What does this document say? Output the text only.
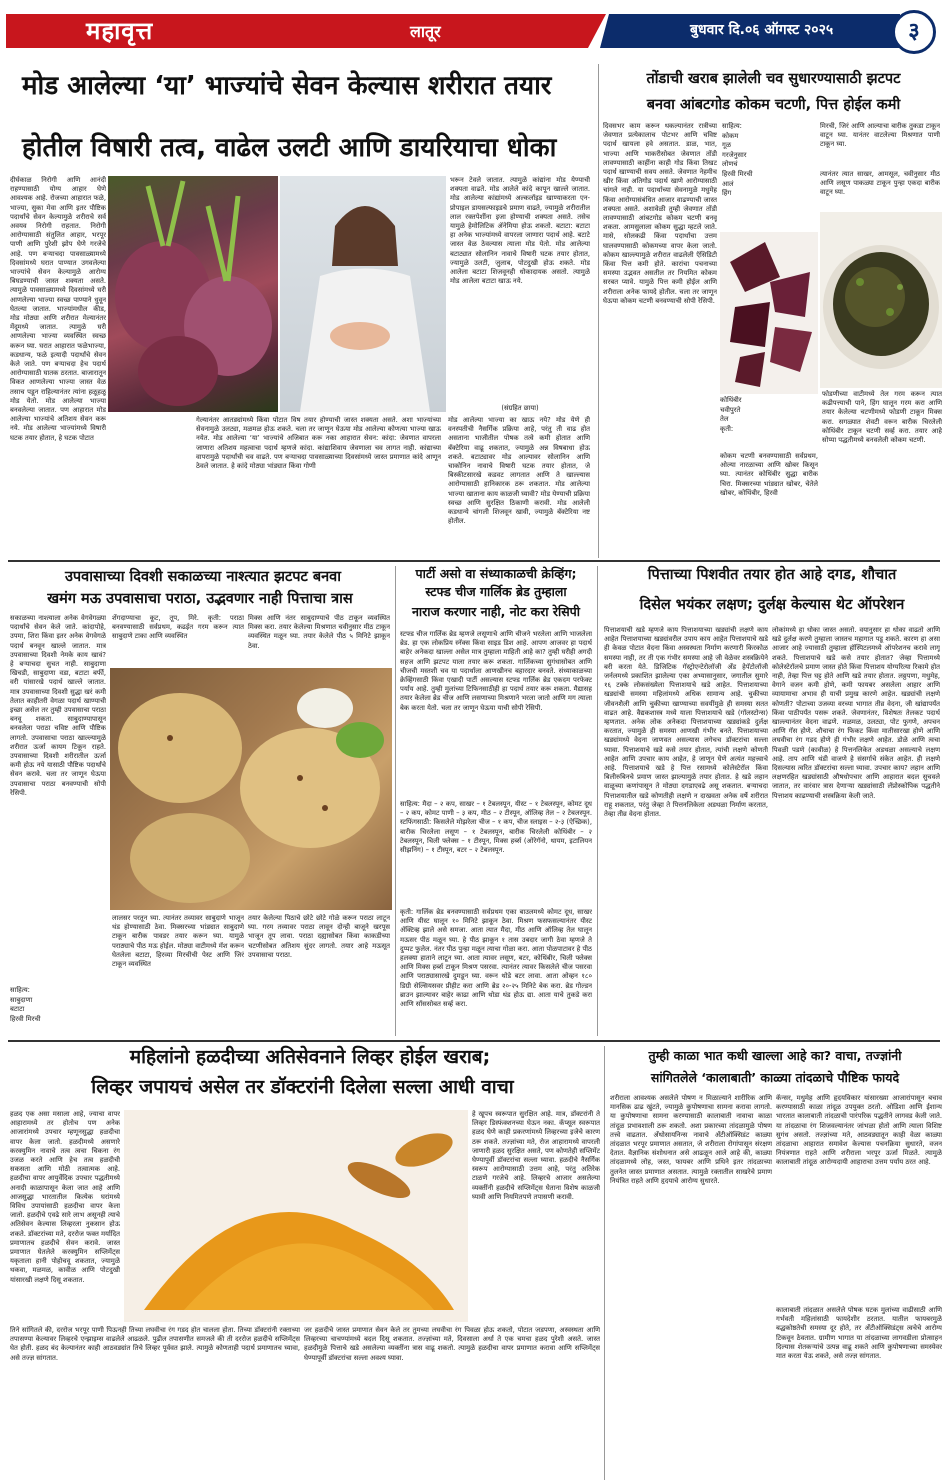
महावृत्त	लातूर	बुधवार दि.०६ ऑगस्ट २०२५	३
मोड आलेल्या ‘या’ भाज्यांचे सेवन केल्यास शरीरात तयार
होतील विषारी तत्व, वाढेल उलटी आणि डायरियाचा धोका
दीर्घकाळ निरोगी आणि आनंदी राहण्यासाठी योग्य आहार घेणे आवश्यक आहे. रोजच्या आहारात फळे, भाज्या, सुका मेवा आणि इतर पौष्टिक पदार्थांचे सेवन केल्यामुळे शरीराचे सर्व अवयव निरोगी राहतात. निरोगी आरोग्यासाठी संतुलित आहार, भरपूर पाणी आणि पुरेशी झोप घेणे गरजेचे आहे. पण बऱ्याचदा पावसाळ्यामध्ये दिवसांमध्ये घरात पाण्यात उगवलेल्या भाज्यांचे सेवन केल्यामुळे आरोग्य बिघडण्याची जास्त शक्यता असते. त्यामुळे पावसाळ्यामध्ये दिवसांमध्ये घरी आणलेल्या भाज्या स्वच्छ पाण्याने धुवून घेतल्या जातात. भाज्यांमधील कीड, मोड मोठ्या आणि शरीरात मेल्यानंतर मेंदूमध्ये जातात. त्यामुळे घरी आणलेल्या भाज्या व्यवस्थित स्वच्छ करून घ्या. घरात आहारात फळेभाज्या, कडधान्य, फळे इत्यादी पदार्थांचे सेवन केले जाते. पण बऱ्याचदा हेच पदार्थ आरोग्यासाठी घातक ठरतात. बाजारातून विकत आणलेल्या भाज्या जास्त वेळ तसाच पडून राहिल्यानंतर त्यांना हळूहळू मोड येतो. मोड आलेल्या भाज्या बनवलेल्या जातात. पण आहारात मोड आलेल्या भाज्यांचे अतिशय सेवन करू नये. मोड आलेल्या भाज्यांमध्ये विषारी घटक तयार होतात, हे घटक पोटात
भरून टेवले जातात. त्यामुळे कांद्यांना मोड येण्याची शक्यता वाढते. मोड आलेले कांदे कापून खाल्ले जातात. मोड आलेल्या कांद्यांमध्ये अल्कलॉइड खाण्याकरता एन-प्रोपाइल डायसल्फाइडचे प्रमाण वाढते, ज्यामुळे शरीरातील लाल रक्तपेशींना इजा होण्याची शक्यता असते. तसेच यामुळे हेमोलिटिक ॲनेमिया होऊ शकतो. बटाटा: बटाटा हा अनेक भाज्यांमध्ये वापरला जाणारा पदार्थ आहे. बटाटे जास्त वेळ ठेवल्यास त्याला मोड येतो. मोड आलेल्या बटाट्यात सोलानिन नावाचे विषारी घटक तयार होतात, ज्यामुळे उलटी, जुलाब, पोटदुखी होऊ शकते. मोड आलेला बटाटा शिजवूनही धोकादायक असतो. त्यामुळे मोड आलेला बटाटा खाऊ नये.
(संग्रहित छाया)
गेल्यानंतर आतड्यांमध्ये किंवा पोटात विष तयार होण्याची जास्त शक्यता असते. अशा भाज्यांच्या सेवनामुळे उलट्या, मळमळ होऊ शकते. चला तर जाणून घेऊया मोड आलेल्या कोणत्या भाज्या खाऊ नयेत. मोड आलेल्या ‘या’ भाज्यांचे अजिबात करू नका आहारात सेवन: कांदा: जेवणात वापरला जाणारा अतिशय महत्वाचा पदार्थ म्हणजे कांदा. कांद्याशिवाय जेवणाला चव लागत नाही. कांद्याच्या वापरामुळे पदार्थांची चव वाढते. पण बऱ्याचदा पावसाळ्याच्या दिवसांमध्ये जास्त प्रमाणात कांदे आणून ठेवले जातात. हे कांदे मोठ्या भांड्यात किंवा गोणी
मोड आलेल्या भाज्या का खाऊ नये? मोड येणे ही वनस्पतीची नैसर्गिक प्रक्रिया आहे, परंतु ती वाढ होत असताना भाजीतील पोषक तत्वे कमी होतात आणि बॅक्टेरिया वाढू शकतात, ज्यामुळे अन्न विषबाधा होऊ शकते. बटाट्यावर मोड आल्यावर सोलानिन आणि चाकोनिन नावाचे विषारी घटक तयार होतात, जे बिस्कीटसारखे कडवट लागतात आणि ते खाल्ल्यास आरोग्यासाठी हानिकारक ठरू शकतात. मोड आलेल्या भाज्या खाताना काय काळजी घ्यावी? मोड येण्याची प्रक्रिया स्वच्छ आणि सुरक्षित ठिकाणी करावी. मोड आलेली कडधान्ये चांगली शिजवून खावी, ज्यामुळे बॅक्टेरिया नष्ट होतील.
तोंडाची खराब झालेली चव सुधारण्यासाठी झटपट
बनवा आंबटगोड कोकम चटणी, पित्त होईल कमी
दिवसभर काम करून थकल्यानंतर रात्रीच्या जेवणात प्रत्येकालाच पोटभर आणि चविष्ट पदार्थ खायला हवे असतात. डाळ, भात, भाज्या आणि भाकरीसोबत जेवणात तोंडी लावण्यासाठी काहींना काही गोड किंवा तिखट पदार्थ खाण्याची सवय असते. जेवणात नेहमीच खीर किंवा अतिगोड पदार्थ खाणे आरोग्यासाठी चांगले नाही. या पदार्थाच्या सेवनामुळे मधुमेह किंवा आरोग्यासंबंधित आजार वाढण्याची जास्त शक्यता असते. अशावेळी तुम्ही जेवणात तोंडी लावण्यासाठी आंबटगोड कोकम चटणी बनवू शकता. आमसुलाला कोकम सुद्धा म्हटले जाते. मासे, सोलकढी किंवा पदार्थांचा उत्तम घालवण्यासाठी कोकमच्या वापर केला जातो. कोकम खाल्ल्यामुळे शरीरात वाढलेली ऍसिडिटी किंवा पित्त कमी होते. कारांचा पचनाच्या समस्या उद्भवत असतील तर नियमित कोकम सरबत प्यावे. यामुळे पित्त कमी होईल आणि शरीराला अनेक फायदे होतील. चला तर जाणून घेऊया कोकम चटणी बनवण्याची सोपी रेसिपी.
साहित्य:
कोकम
गूळ
गरजेनुसार
लोणचं
हिरवी मिरची
आलं
हिंग
मिरची, जिरं आणि आल्याचा बारीक तुकडा टाकून वाटून घ्या. यानंतर वाटलेल्या मिश्रणात पाणी टाकून घ्या.
त्यानंतर त्यात साखर, आमसूल, चवीनुसार मीठ आणि लसूण पाकळ्या टाकून पुन्हा एकदा बारीक वाटून घ्या.
कोथिंबीर
चवीपुरते
तेल
कृती:
कोकम चटणी बनवण्यासाठी सर्वप्रथम, ओल्या नारळाच्या आणि खोबर किसून घ्या. त्यानंतर कोथिंबीर सुद्धा बारीक चिरा. मिक्सरच्या भांड्यात खोबर, चेतेले खोबर, कोथिंबीर, हिरवी
फोडणीच्या वाटीमध्ये तेल गरम करून त्यात कढीपत्त्याची पाने, हिंग घालून गरम करा आणि तयार केलेल्या चटणीमध्ये फोडणी टाकून मिक्स करा. सगळ्यात शेवटी वरून बारीक चिरलेली कोथिंबीर टाकून चटणी सर्व्ह करा. तयार आहे सोप्या पद्धतीमध्ये बनवलेली कोकम चटणी.
उपवासाच्या दिवशी सकाळच्या नाश्त्यात झटपट बनवा
खमंग मऊ उपवासाचा पराठा, उद्भवणार नाही पित्ताचा त्रास
सकाळच्या नाश्त्याला अनेक वेगवेगळ्या पदार्थांचे सेवन केले जाते. कांदापोहे, उपमा, शिरा किंवा इतर अनेक वेगवेगळे पदार्थ बनवून खाल्ले जातात. मात्र उपवासाच्या दिवशी नेमके काय खावं? हे बऱ्याचदा सुचत नाही. साबुदाणा खिचडी, साबुदाणा वडा, बटाटा बर्फी, वरी यांसारखे पदार्थ खाल्ले जातात. मात्र उपवासाच्या दिवशी सुद्धा खरं कमी तेलात काहीतरी वेगळा पदार्थ खाण्याची इच्छा असेल तर तुम्ही उपवासाचा पराठा बनवू शकता. साबुदाण्यापासून बनवलेला पराठा चविष्ट आणि पौष्टिक लागतो. उपवासाचा पराठा खाल्ल्यामुळे शरीरात ऊर्जा कायम टिकून राहते. उपवासाच्या दिवशी शरीरातील ऊर्जा कमी होऊ नये यासाठी पौष्टिक पदार्थांचे सेवन करावे. चला तर जाणून घेऊया उपवासाचा पराठा बनवण्याची सोपी रेसिपी.
शेंगदाण्याचा कूट, तूप, मिरे. कृती: पराठा बनवण्यासाठी सर्वप्रथम, कढईत गरम करून त्यात साबुदाणे टाका आणि व्यवस्थित
मिक्स आणि नंतर साबुदाण्याचे पीठ टाकून व्यवस्थित मिक्स करा. तयार केलेल्या मिश्रणात चवीनुसार मीठ टाकून व्यवस्थित मळून घ्या. तयार केलेले पीठ ५ मिनिटे झाकून ठेवा.
साहित्य:
साबुदाणा
बटाटा
हिरवी मिरची
लालसर परतून घ्या. त्यानंतर तव्यावर साबुदाणे भाजून थंड होण्यासाठी ठेवा. मिक्सरच्या भांड्यात साबुदाणे टाकून बारीक पावडर तयार करून घ्या. यामुळे पराठ्याचे पीठ मऊ होईल. मोठ्या वाटीमध्ये मॅश करून घेतलेला बटाटा, हिरव्या मिरचीची पेस्ट आणि जिरं टाकून व्यवस्थित
तयार केलेल्या पिठाचे छोटे छोटे गोळे करून पराठा लाटून घ्या. गरम तव्यावर पराठा लावून दोन्ही बाजूने खरपूस भाजून तूप लावा. पराठा दह्यासोबत किंवा काकडीच्या चटणीसोबत अतिशय सुंदर लागतो. तयार आहे मऊसूत उपवासाचा पराठा.
पार्टी असो वा संध्याकाळची क्रेव्हिंग;
स्टफ्ड चीज गार्लिक ब्रेड तुम्हाला
नाराज करणार नाही, नोट करा रेसिपी
स्टफ्ड चीज गार्लिक ब्रेड म्हणजे लसूणाचे आणि चीजने भरलेला आणि भाजलेला ब्रेड. हा एक लोकप्रिय स्नॅक्स किंवा साइड डिश आहे. आपण आजवर हा पदार्थ बाहेर अनेकदा खाल्ला असेल मात्र तुम्हाला माहिती आहे का? तुम्ही घरीही अगदी सहज आणि झटपट याला तयार करू शकता. गार्लिकच्या सुगंधासोबत आणि चीजची मस्तशी चव या पदार्थाला आणखीनच बहारदार बनवते. संध्याकाळच्या क्रेव्हिंगसाठी किंवा एखादी पार्टी असल्यास स्टफ्ड गार्लिक ब्रेड एकदम परफेक्ट पर्याय आहे. तुम्ही मुलांच्या टिफिनसाठीही हा पदार्थ तयार करू शकता. मैद्यासह तयार केलेला ब्रेड चीज आणि लसणाच्या मिश्रणाने भरला जातो आणि मग त्याला बेक करता येतो. चला तर जाणून घेऊया याची सोपी रेसिपी.
साहित्य: मैदा – २ कप, साखर – १ टेबलस्पून, यीस्ट – १ टेबलस्पून, कोमट दूध – २ कप, कोमट पाणी – ३ कप, मीठ – २ टीस्पून, ऑलिव्ह तेल – २ टेबलस्पून. स्टफिंगसाठी: किसलेले मोझरेला चीज – १ कप, चीज स्लाइस – २-३ (ऐच्छिक), बारीक चिरलेला लसूण – १ टेबलस्पून, बारीक चिरलेली कोथिंबीर – २ टेबलस्पून, चिली फ्लेक्स – १ टीस्पून, मिक्स हर्ब्स (ओरेगॅनो, थायम, इटालियन सीझनिंग) – १ टीस्पून, बटर – २ टेबलस्पून.
कृती: गार्लिक ब्रेड बनवण्यासाठी सर्वप्रथम एका बाउलमध्ये कोमट दूध, साखर आणि यीस्ट घालून १० मिनिटे झाकून ठेवा. मिश्रण फसफसल्यानंतर यीस्ट ॲक्टिव्ह झाले असे समजा. आता त्यात मैदा, मीठ आणि ऑलिव्ह तेल घालून मऊसर पीठ मळून घ्या. हे पीठ झाकून १ तास उबदार जागी ठेवा म्हणजे ते दुप्पट फुलेल. नंतर पीठ पुन्हा मळून त्याचा गोळा करा. आता पोळपाटावर हे पीठ हलक्या हाताने लाटून घ्या. आता त्यावर लसूण, बटर, कोथिंबीर, चिली फ्लेक्स आणि मिक्स हर्ब्स टाकून मिश्रण पसरवा. त्यानंतर त्यावर किसलेले चीज पसरवा आणि पराठ्यासारखे दुमडून घ्या. वरून थोडे बटर लावा. आता ओव्हन १८० डिग्री सेल्सियसवर प्रीहीट करा आणि ब्रेड २०-२५ मिनिटे बेक करा. ब्रेड गोल्डन ब्राउन झाल्यावर बाहेर काढा आणि थोडा थंड होऊ द्या. आता याचे तुकडे करा आणि सॉससोबत सर्व्ह करा.
पित्ताच्या पिशवीत तयार होत आहे दगड, शौचात
दिसेल भयंकर लक्षण; दुर्लक्ष केल्यास थेट ऑपरेशन
पित्ताशयाची खडे म्हणजे काय पित्ताशयाच्या खड्यांची लक्षणे काय आहेत पित्ताशयाच्या खड्यांवरील उपाय काय आहेत पित्ताशयाचे खडे ही केवळ पोटात वेदना किंवा अस्वस्थता निर्माण करणारी किरकोळ समस्या नाही, तर ती एक गंभीर समस्या आहे जी वेळेवर शस्त्रक्रियेने बरी करता येते. डिजिटिक गॅस्ट्रोएन्टेरोलॉजी अँड हेपॅटोलॉजी जर्नलमध्ये प्रकाशित झालेल्या एका अभ्यासानुसार, जगातील सुमारे १६ टक्के लोकसंख्येला पित्ताशयाचे खडे आहेत. पित्ताशयाच्या खड्यांची समस्या महिलांमध्ये अधिक सामान्य आहे. चुकीच्या जीवनशैली आणि चुकीच्या खाण्याच्या सवयींमुळे ही समस्या सतत वाढत आहे. वैद्यकशास्त्र मध्ये याला पित्ताशयाचे खडे (गॉलस्टोन्स) म्हणतात. अनेक लोक अनेकदा पित्ताशयाच्या खड्यांकडे दुर्लक्ष करतात, ज्यामुळे ही समस्या आणखी गंभीर बनते. पित्ताशयाच्या खड्यांमध्ये वेदना जाणवत असल्यास लगेचच डॉक्टरांचा सल्ला घ्यावा. पित्ताशयाचे खडे कसे तयार होतात, त्यांची लक्षणे कोणती आहेत आणि उपचार काय आहेत, हे जाणून घेणे अत्यंत महत्त्वाचे आहे. पित्ताशयाचे खडे हे पित्त रसामध्ये कोलेस्टेरॉल किंवा बिलीरुबिनचे प्रमाण जास्त झाल्यामुळे तयार होतात. हे खडे लहान वाळूच्या कणांपासून ते मोठ्या दगडाएवढे असू शकतात. बऱ्याचदा पित्ताशयातील खडे कोणतीही लक्षणे न दाखवता अनेक वर्षे शरीरात राहू शकतात, परंतु जेव्हा ते पित्तनलिकेला अडथळा निर्माण करतात, तेव्हा तीव्र वेदना होतात.
लोकांमध्ये हा धोका जास्त असतो. वयानुसार हा धोका वाढतो आणि खडे दुर्लक्ष करणे तुम्हाला जास्तच महागात पडू शकते. कारण हा असा आजार आहे ज्यासाठी तुम्हाला हॉस्पिटलमध्ये ऑपरेशनच करावे लागू शकते. पित्ताशयाचे खडे कसे तयार होतात? जेव्हा पित्तामध्ये कोलेस्टेरॉलचे प्रमाण जास्त होते किंवा पित्ताशय योग्यरित्या रिकामे होत नाही, तेव्हा पित्त घट्ट होते आणि खडे तयार होतात. लठ्ठपणा, मधुमेह, वेगाने वजन कमी होणे, कमी फायबर असलेला आहार आणि व्यायामाचा अभाव ही याची प्रमुख कारणे आहेत. खड्यांची लक्षणे कोणती? पोटाच्या उजव्या वरच्या भागात तीव्र वेदना, जी खांद्यापर्यंत किंवा पाठीपर्यंत पसरू शकते. जेवणानंतर, विशेषतः तेलकट पदार्थ खाल्ल्यानंतर वेदना वाढणे. मळमळ, उलट्या, पोट फुगणे, अपचन आणि गॅस होणे. शौचाचा रंग फिकट किंवा मातीसारखा होणे आणि लघवीचा रंग गडद होणे ही गंभीर लक्षणे आहेत. डोळे आणि त्वचा पिवळी पडणे (कावीळ) हे पित्तनलिकेत अडथळा असल्याचे लक्षण आहे. ताप आणि थंडी वाजणे हे संसर्गाचे संकेत आहेत. ही लक्षणे दिसल्यास त्वरित डॉक्टरांचा सल्ला घ्यावा. उपचार काय? लहान आणि लक्षणरहित खड्यांसाठी औषधोपचार आणि आहारात बदल सुचवले जातात, तर वारंवार त्रास देणाऱ्या खड्यांसाठी लॅप्रोस्कोपिक पद्धतीने पित्ताशय काढण्याची शस्त्रक्रिया केली जाते.
महिलांनो हळदीच्या अतिसेवनाने लिव्हर होईल खराब;
लिव्हर जपायचं असेल तर डॉक्टरांनी दिलेला सल्ला आधी वाचा
हळद एक असा मसाला आहे, ज्याचा वापर आहारामध्ये तर होतोच पण अनेक आजारांमध्ये उपचार म्हणूनसुद्धा हळदीचा वापर केला जातो. हळदीमध्ये असणारे करक्युमिन नावाचे तत्व त्वचा चिकना रंग उजळ करते आणि हेच तत्व हळदीची सकसता आणि मोठी तत्वात्मक आहे. हळदीचा वापर आयुर्वेदिक उपचार पद्धतीमध्ये अनादी काळापासून केला जात आहे आणि आजसुद्धा भारतातील कित्येक घरांमध्ये विविध उपायांसाठी हळदीचा वापर केला जातो. हळदीचे एवढे सारे लाभ असूनही त्याचे अतिसेवन केल्यास लिव्हरला नुकसान होऊ शकते. डॉक्टरांच्या मते, दररोज फक्त मर्यादित प्रमाणातच हळदीचे सेवन करावे. जास्त प्रमाणात घेतलेले करक्युमिन सप्लिमेंट्स यकृताला हानी पोहोचवू शकतात, ज्यामुळे थकवा, मळमळ, कावीळ आणि पोटदुखी यांसारखी लक्षणे दिसू शकतात.
हे खूपच स्वरूपात सुरक्षित आहे. मात्र, डॉक्टरांनी ते लिव्हर डिस्फंक्शनच्या घेऊन नका. कॅप्सूल स्वरूपात हळद घेणे काही प्रकरणांमध्ये लिव्हरच्या इजेचे कारण ठरू शकते. तज्ज्ञांच्या मते, रोज आहारामध्ये वापरली जाणारी हळद सुरक्षित असते, पण कोणतेही सप्लिमेंट घेण्यापूर्वी डॉक्टरांचा सल्ला घ्यावा. हळदीचे नैसर्गिक स्वरूप आरोग्यासाठी उत्तम आहे, परंतु अतिरेक टाळणे गरजेचे आहे. लिव्हरचे आजार असलेल्या व्यक्तींनी हळदीचे सप्लिमेंट्स घेताना विशेष काळजी घ्यावी आणि नियमितपणे तपासणी करावी.
तिने सांगितले की, दररोज भरपूर पाणी पिऊनही तिच्या लघवीचा रंग गडद होत चालला होता. तिच्या डॉक्टरांनी रक्ताच्या तपासण्या केल्यावर लिव्हरचे एन्झाइम्स वाढलेले आढळले. पुढील तपासणीत समजले की ती दररोज हळदीचे सप्लिमेंट्स घेत होती. हळद बंद केल्यानंतर काही आठवड्यांत तिचे लिव्हर पूर्ववत झाले. त्यामुळे कोणताही पदार्थ प्रमाणातच घ्यावा, असे तज्ज्ञ सांगतात.
जर हळदीचे जास्त प्रमाणात सेवन केले तर तुमच्या लघवीचा रंग पिवळा होऊ शकतो, पोटात जडपणा, अस्वस्थता आणि लिव्हरच्या चाचण्यांमध्ये बदल दिसू शकतात. तज्ज्ञांच्या मते, दिवसाला अर्धा ते एक चमचा हळद पुरेशी असते. जास्त हळदीमुळे पित्ताचे खडे असलेल्या व्यक्तींना त्रास वाढू शकतो. त्यामुळे हळदीचा वापर प्रमाणात करावा आणि सप्लिमेंट्स घेण्यापूर्वी डॉक्टरांचा सल्ला अवश्य घ्यावा.
तुम्ही काळा भात कधी खाल्ला आहे का? वाचा, तज्ज्ञांनी
सांगितलेले ‘कालाबाती’ काळ्या तांदळाचे पौष्टिक फायदे
शरीराला आवश्यक असलेले पोषण न मिळाल्याने शारीरिक आणि मानसिक ढाढ खुंटते, ज्यामुळे कुपोषणाचा सामना करावा लागतो. या कुपोषणाचा सामना करण्यासाठी कालाबाती नावाचा काळा तांदूळ प्रभावशाली ठरू शकतो. अशा प्रकारच्या तांदळामुळे पोषण तत्त्वे वाढतात. अँथोसायनिन्स नावाचे अँटीऑक्सिडंट काळ्या तांदळात भरपूर प्रमाणात असतात, जे शरीराला रोगांपासून संरक्षण देतात. वैज्ञानिक संशोधनात असे आढळून आले आहे की, काळ्या तांदळामध्ये लोह, जस्त, फायबर आणि प्रथिने इतर तांदळाच्या तुलनेत जास्त प्रमाणात असतात. त्यामुळे रक्तातील साखरेचे प्रमाण नियंत्रित राहते आणि हृदयाचे आरोग्य सुधारते.
कॅन्सर, मधुमेह आणि हृदयविकार यांसारख्या आजारांपासून बचाव करण्यासाठी काळा तांदूळ उपयुक्त ठरतो. ओडिशा आणि ईशान्य भारतात कालाबाती तांदळाची पारंपरिक पद्धतीने लागवड केली जाते. या तांदळाचा रंग शिजवल्यानंतर जांभळा होतो आणि त्याला विशिष्ट सुगंध असतो. तज्ज्ञांच्या मते, आठवड्यातून काही वेळा काळ्या तांदळाचा आहारात समावेश केल्यास पचनक्रिया सुधारते, वजन नियंत्रणात राहते आणि शरीराला भरपूर ऊर्जा मिळते. त्यामुळे कालाबाती तांदूळ आरोग्यदायी आहाराचा उत्तम पर्याय ठरत आहे.
कालाबाती तांदळात असलेले पोषक घटक मुलांच्या वाढीसाठी आणि गर्भवती महिलांसाठी फायदेशीर ठरतात. यातील फायबरमुळे बद्धकोष्ठतेची समस्या दूर होते, तर अँटीऑक्सिडंट्स त्वचेचे आरोग्य टिकवून ठेवतात. ग्रामीण भागात या तांदळाच्या लागवडीला प्रोत्साहन दिल्यास शेतकऱ्यांचे उत्पन्न वाढू शकते आणि कुपोषणाच्या समस्येवर मात करता येऊ शकते, असे तज्ज्ञ सांगतात.
